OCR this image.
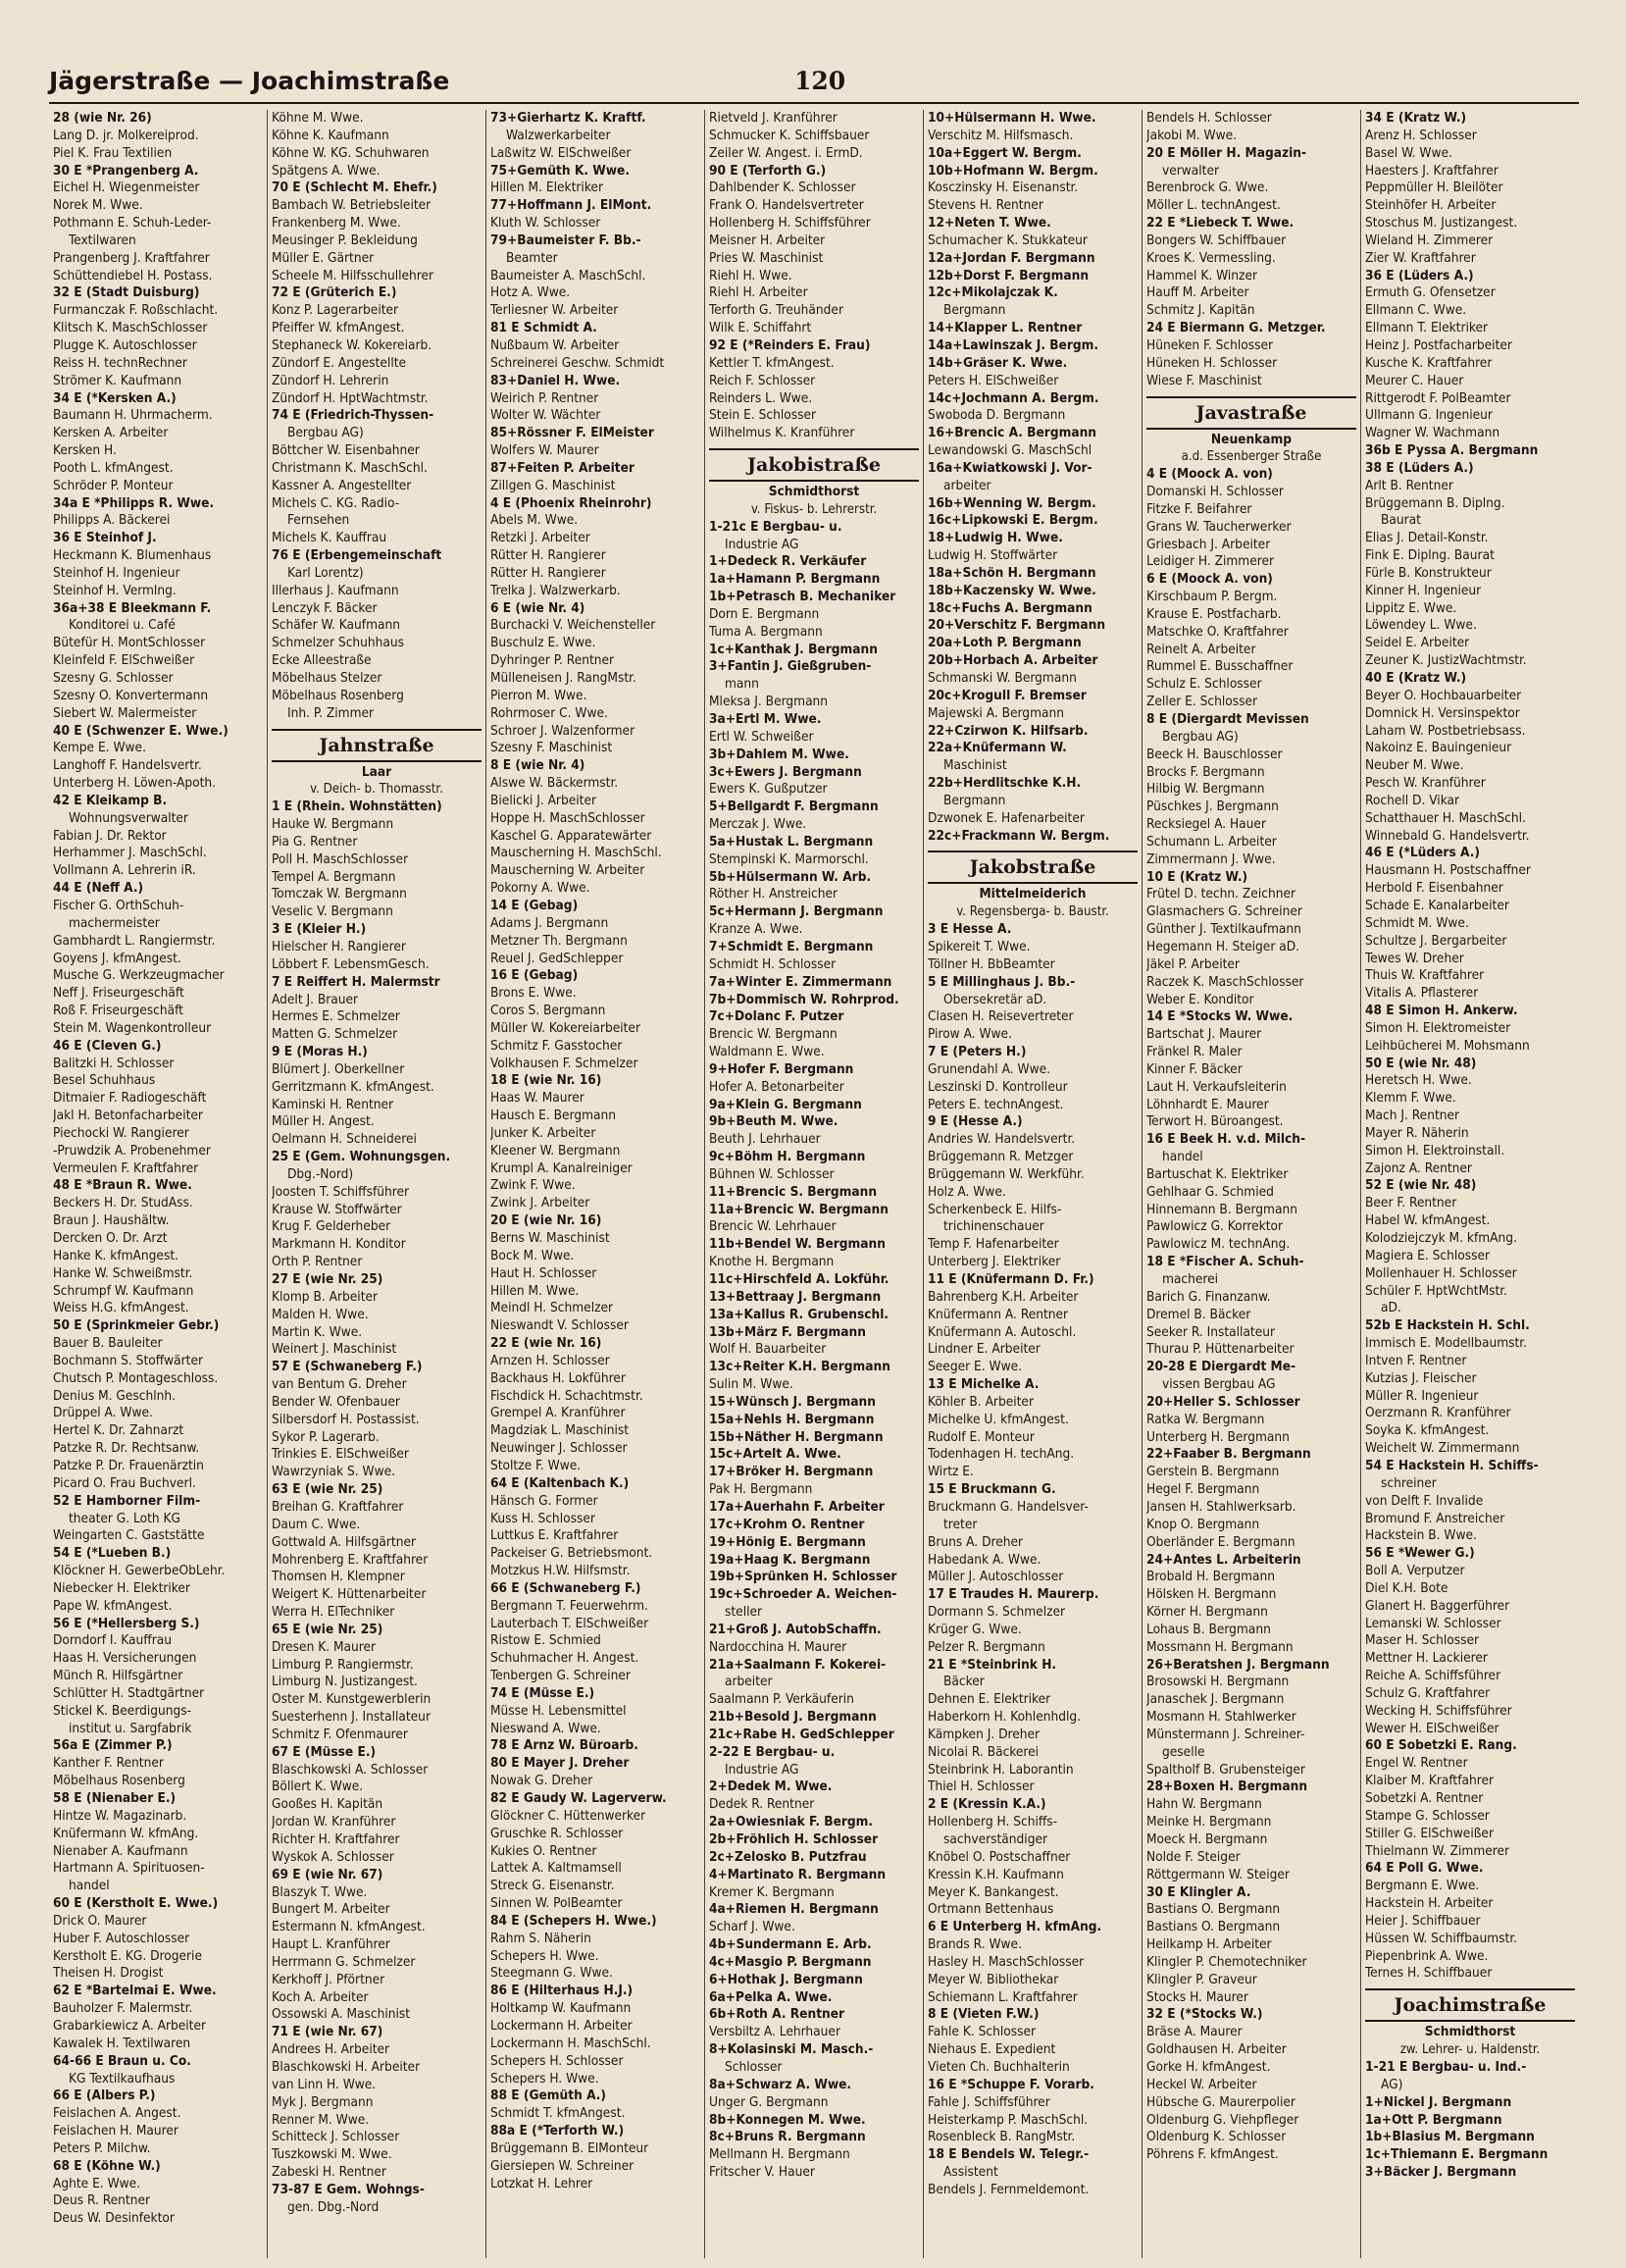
Jägerstraße — Joachimstraße	120
28 (wie Nr. 26)
Lang D. jr. Molkereiprod.
Piel K. Frau Textilien
30 E *Prangenberg A.
Eichel H. Wiegenmeister
Norek M. Wwe.
Pothmann E. Schuh-Leder-
Textilwaren
Prangenberg J. Kraftfahrer
Schüttendiebel H. Postass.
32 E (Stadt Duisburg)
Furmanczak F. Roßschlacht.
Klitsch K. MaschSchlosser
Plugge K. Autoschlosser
Reiss H. technRechner
Strömer K. Kaufmann
34 E (*Kersken A.)
Baumann H. Uhrmacherm.
Kersken A. Arbeiter
Kersken H.
Pooth L. kfmAngest.
Schröder P. Monteur
34a E *Philipps R. Wwe.
Philipps A. Bäckerei
36 E Steinhof J.
Heckmann K. Blumenhaus
Steinhof H. Ingenieur
Steinhof H. Vermlng.
36a+38 E Bleekmann F.
Konditorei u. Café
Bütefür H. MontSchlosser
Kleinfeld F. ElSchweißer
Szesny G. Schlosser
Szesny O. Konvertermann
Siebert W. Malermeister
40 E (Schwenzer E. Wwe.)
Kempe E. Wwe.
Langhoff F. Handelsvertr.
Unterberg H. Löwen-Apoth.
42 E Kleikamp B.
Wohnungsverwalter
Fabian J. Dr. Rektor
Herhammer J. MaschSchl.
Vollmann A. Lehrerin iR.
44 E (Neff A.)
Fischer G. OrthSchuh-
machermeister
Gambhardt L. Rangiermstr.
Goyens J. kfmAngest.
Musche G. Werkzeugmacher
Neff J. Friseurgeschäft
Roß F. Friseurgeschäft
Stein M. Wagenkontrolleur
46 E (Cleven G.)
Balitzki H. Schlosser
Besel Schuhhaus
Ditmaier F. Radiogeschäft
Jakl H. Betonfacharbeiter
Piechocki W. Rangierer
-Pruwdzik A. Probenehmer
Vermeulen F. Kraftfahrer
48 E *Braun R. Wwe.
Beckers H. Dr. StudAss.
Braun J. Haushältw.
Dercken O. Dr. Arzt
Hanke K. kfmAngest.
Hanke W. Schweißmstr.
Schrumpf W. Kaufmann
Weiss H.G. kfmAngest.
50 E (Sprinkmeier Gebr.)
Bauer B. Bauleiter
Bochmann S. Stoffwärter
Chutsch P. Montageschloss.
Denius M. Geschlnh.
Drüppel A. Wwe.
Hertel K. Dr. Zahnarzt
Patzke R. Dr. Rechtsanw.
Patzke P. Dr. Frauenärztin
Picard O. Frau Buchverl.
52 E Hamborner Film-
theater G. Loth KG
Weingarten C. Gaststätte
54 E (*Lueben B.)
Klöckner H. GewerbeObLehr.
Niebecker H. Elektriker
Pape W. kfmAngest.
56 E (*Hellersberg S.)
Dorndorf I. Kauffrau
Haas H. Versicherungen
Münch R. Hilfsgärtner
Schlütter H. Stadtgärtner
Stickel K. Beerdigungs-
institut u. Sargfabrik
56a E (Zimmer P.)
Kanther F. Rentner
Möbelhaus Rosenberg
58 E (Nienaber E.)
Hintze W. Magazinarb.
Knüfermann W. kfmAng.
Nienaber A. Kaufmann
Hartmann A. Spirituosen-
handel
60 E (Kerstholt E. Wwe.)
Drick O. Maurer
Huber F. Autoschlosser
Kerstholt E. KG. Drogerie
Theisen H. Drogist
62 E *Bartelmai E. Wwe.
Bauholzer F. Malermstr.
Grabarkiewicz A. Arbeiter
Kawalek H. Textilwaren
64-66 E Braun u. Co.
KG Textilkaufhaus
66 E (Albers P.)
Feislachen A. Angest.
Feislachen H. Maurer
Peters P. Milchw.
68 E (Köhne W.)
Aghte E. Wwe.
Deus R. Rentner
Deus W. Desinfektor
Köhne M. Wwe.
Köhne K. Kaufmann
Köhne W. KG. Schuhwaren
Spätgens A. Wwe.
70 E (Schlecht M. Ehefr.)
Bambach W. Betriebsleiter
Frankenberg M. Wwe.
Meusinger P. Bekleidung
Müller E. Gärtner
Scheele M. Hilfsschullehrer
72 E (Grüterich E.)
Konz P. Lagerarbeiter
Pfeiffer W. kfmAngest.
Stephaneck W. Kokereiarb.
Zündorf E. Angestellte
Zündorf H. Lehrerin
Zündorf H. HptWachtmstr.
74 E (Friedrich-Thyssen-
Bergbau AG)
Böttcher W. Eisenbahner
Christmann K. MaschSchl.
Kassner A. Angestellter
Michels C. KG. Radio-
Fernsehen
Michels K. Kauffrau
76 E (Erbengemeinschaft
Karl Lorentz)
Illerhaus J. Kaufmann
Lenczyk F. Bäcker
Schäfer W. Kaufmann
Schmelzer Schuhhaus
Ecke Alleestraße
Möbelhaus Stelzer
Möbelhaus Rosenberg
Inh. P. Zimmer
Jahnstraße
Laar
v. Deich- b. Thomasstr.
1 E (Rhein. Wohnstätten)
Hauke W. Bergmann
Pia G. Rentner
Poll H. MaschSchlosser
Tempel A. Bergmann
Tomczak W. Bergmann
Veselic V. Bergmann
3 E (Kleier H.)
Hielscher H. Rangierer
Löbbert F. LebensmGesch.
7 E Reiffert H. Malermstr
Adelt J. Brauer
Hermes E. Schmelzer
Matten G. Schmelzer
9 E (Moras H.)
Blümert J. Oberkellner
Gerritzmann K. kfmAngest.
Kaminski H. Rentner
Müller H. Angest.
Oelmann H. Schneiderei
25 E (Gem. Wohnungsgen.
Dbg.-Nord)
Joosten T. Schiffsführer
Krause W. Stoffwärter
Krug F. Gelderheber
Markmann H. Konditor
Orth P. Rentner
27 E (wie Nr. 25)
Klomp B. Arbeiter
Malden H. Wwe.
Martin K. Wwe.
Weinert J. Maschinist
57 E (Schwaneberg F.)
van Bentum G. Dreher
Bender W. Ofenbauer
Silbersdorf H. Postassist.
Sykor P. Lagerarb.
Trinkies E. ElSchweißer
Wawrzyniak S. Wwe.
63 E (wie Nr. 25)
Breihan G. Kraftfahrer
Daum C. Wwe.
Gottwald A. Hilfsgärtner
Mohrenberg E. Kraftfahrer
Thomsen H. Klempner
Weigert K. Hüttenarbeiter
Werra H. ElTechniker
65 E (wie Nr. 25)
Dresen K. Maurer
Limburg P. Rangiermstr.
Limburg N. Justizangest.
Oster M. Kunstgewerblerin
Suesterhenn J. Installateur
Schmitz F. Ofenmaurer
67 E (Müsse E.)
Blaschkowski A. Schlosser
Böllert K. Wwe.
Gooßes H. Kapitän
Jordan W. Kranführer
Richter H. Kraftfahrer
Wyskok A. Schlosser
69 E (wie Nr. 67)
Blaszyk T. Wwe.
Bungert M. Arbeiter
Estermann N. kfmAngest.
Haupt L. Kranführer
Herrmann G. Schmelzer
Kerkhoff J. Pförtner
Koch A. Arbeiter
Ossowski A. Maschinist
71 E (wie Nr. 67)
Andrees H. Arbeiter
Blaschkowski H. Arbeiter
van Linn H. Wwe.
Myk J. Bergmann
Renner M. Wwe.
Schitteck J. Schlosser
Tuszkowski M. Wwe.
Zabeski H. Rentner
73-87 E Gem. Wohngs-
gen. Dbg.-Nord
73+Gierhartz K. Kraftf.
Walzwerkarbeiter
Laßwitz W. ElSchweißer
75+Gemüth K. Wwe.
Hillen M. Elektriker
77+Hoffmann J. ElMont.
Kluth W. Schlosser
79+Baumeister F. Bb.-
Beamter
Baumeister A. MaschSchl.
Hotz A. Wwe.
Terliesner W. Arbeiter
81 E Schmidt A.
Nußbaum W. Arbeiter
Schreinerei Geschw. Schmidt
83+Daniel H. Wwe.
Weirich P. Rentner
Wolter W. Wächter
85+Rössner F. ElMeister
Wolfers W. Maurer
87+Feiten P. Arbeiter
Zillgen G. Maschinist
4 E (Phoenix Rheinrohr)
Abels M. Wwe.
Retzki J. Arbeiter
Rütter H. Rangierer
Rütter H. Rangierer
Trelka J. Walzwerkarb.
6 E (wie Nr. 4)
Burchacki V. Weichensteller
Buschulz E. Wwe.
Dyhringer P. Rentner
Mülleneisen J. RangMstr.
Pierron M. Wwe.
Rohrmoser C. Wwe.
Schroer J. Walzenformer
Szesny F. Maschinist
8 E (wie Nr. 4)
Alswe W. Bäckermstr.
Bielicki J. Arbeiter
Hoppe H. MaschSchlosser
Kaschel G. Apparatewärter
Mauscherning H. MaschSchl.
Mauscherning W. Arbeiter
Pokorny A. Wwe.
14 E (Gebag)
Adams J. Bergmann
Metzner Th. Bergmann
Reuel J. GedSchlepper
16 E (Gebag)
Brons E. Wwe.
Coros S. Bergmann
Müller W. Kokereiarbeiter
Schmitz F. Gasstocher
Volkhausen F. Schmelzer
18 E (wie Nr. 16)
Haas W. Maurer
Hausch E. Bergmann
Junker K. Arbeiter
Kleener W. Bergmann
Krumpl A. Kanalreiniger
Zwink F. Wwe.
Zwink J. Arbeiter
20 E (wie Nr. 16)
Berns W. Maschinist
Bock M. Wwe.
Haut H. Schlosser
Hillen M. Wwe.
Meindl H. Schmelzer
Nieswandt V. Schlosser
22 E (wie Nr. 16)
Arnzen H. Schlosser
Backhaus H. Lokführer
Fischdick H. Schachtmstr.
Grempel A. Kranführer
Magdziak L. Maschinist
Neuwinger J. Schlosser
Stoltze F. Wwe.
64 E (Kaltenbach K.)
Hänsch G. Former
Kuss H. Schlosser
Luttkus E. Kraftfahrer
Packeiser G. Betriebsmont.
Motzkus H.W. Hilfsmstr.
66 E (Schwaneberg F.)
Bergmann T. Feuerwehrm.
Lauterbach T. ElSchweißer
Ristow E. Schmied
Schuhmacher H. Angest.
Tenbergen G. Schreiner
74 E (Müsse E.)
Müsse H. Lebensmittel
Nieswand A. Wwe.
78 E Arnz W. Büroarb.
80 E Mayer J. Dreher
Nowak G. Dreher
82 E Gaudy W. Lagerverw.
Glöckner C. Hüttenwerker
Gruschke R. Schlosser
Kukies O. Rentner
Lattek A. Kaltmamsell
Streck G. Eisenanstr.
Sinnen W. PolBeamter
84 E (Schepers H. Wwe.)
Rahm S. Näherin
Schepers H. Wwe.
Steegmann G. Wwe.
86 E (Hilterhaus H.J.)
Holtkamp W. Kaufmann
Lockermann H. Arbeiter
Lockermann H. MaschSchl.
Schepers H. Schlosser
Schepers H. Wwe.
88 E (Gemüth A.)
Schmidt T. kfmAngest.
88a E (*Terforth W.)
Brüggemann B. ElMonteur
Giersiepen W. Schreiner
Lotzkat H. Lehrer
Rietveld J. Kranführer
Schmucker K. Schiffsbauer
Zeiler W. Angest. i. ErmD.
90 E (Terforth G.)
Dahlbender K. Schlosser
Frank O. Handelsvertreter
Hollenberg H. Schiffsführer
Meisner H. Arbeiter
Pries W. Maschinist
Riehl H. Wwe.
Riehl H. Arbeiter
Terforth G. Treuhänder
Wilk E. Schiffahrt
92 E (*Reinders E. Frau)
Kettler T. kfmAngest.
Reich F. Schlosser
Reinders L. Wwe.
Stein E. Schlosser
Wilhelmus K. Kranführer
Jakobistraße
Schmidthorst
v. Fiskus- b. Lehrerstr.
1-21c E Bergbau- u.
Industrie AG
1+Dedeck R. Verkäufer
1a+Hamann P. Bergmann
1b+Petrasch B. Mechaniker
Dorn E. Bergmann
Tuma A. Bergmann
1c+Kanthak J. Bergmann
3+Fantin J. Gießgruben-
mann
Mleksa J. Bergmann
3a+Ertl M. Wwe.
Ertl W. Schweißer
3b+Dahlem M. Wwe.
3c+Ewers J. Bergmann
Ewers K. Gußputzer
5+Bellgardt F. Bergmann
Merczak J. Wwe.
5a+Hustak L. Bergmann
Stempinski K. Marmorschl.
5b+Hülsermann W. Arb.
Röther H. Anstreicher
5c+Hermann J. Bergmann
Kranze A. Wwe.
7+Schmidt E. Bergmann
Schmidt H. Schlosser
7a+Winter E. Zimmermann
7b+Dommisch W. Rohrprod.
7c+Dolanc F. Putzer
Brencic W. Bergmann
Waldmann E. Wwe.
9+Hofer F. Bergmann
Hofer A. Betonarbeiter
9a+Klein G. Bergmann
9b+Beuth M. Wwe.
Beuth J. Lehrhauer
9c+Böhm H. Bergmann
Bühnen W. Schlosser
11+Brencic S. Bergmann
11a+Brencic W. Bergmann
Brencic W. Lehrhauer
11b+Bendel W. Bergmann
Knothe H. Bergmann
11c+Hirschfeld A. Lokführ.
13+Bettraay J. Bergmann
13a+Kallus R. Grubenschl.
13b+März F. Bergmann
Wolf H. Bauarbeiter
13c+Reiter K.H. Bergmann
Sulin M. Wwe.
15+Wünsch J. Bergmann
15a+Nehls H. Bergmann
15b+Näther H. Bergmann
15c+Artelt A. Wwe.
17+Bröker H. Bergmann
Pak H. Bergmann
17a+Auerhahn F. Arbeiter
17c+Krohm O. Rentner
19+Hönig E. Bergmann
19a+Haag K. Bergmann
19b+Sprünken H. Schlosser
19c+Schroeder A. Weichen-
steller
21+Groß J. AutobSchaffn.
Nardocchina H. Maurer
21a+Saalmann F. Kokerei-
arbeiter
Saalmann P. Verkäuferin
21b+Besold J. Bergmann
21c+Rabe H. GedSchlepper
2-22 E Bergbau- u.
Industrie AG
2+Dedek M. Wwe.
Dedek R. Rentner
2a+Owiesniak F. Bergm.
2b+Fröhlich H. Schlosser
2c+Zelosko B. Putzfrau
4+Martinato R. Bergmann
Kremer K. Bergmann
4a+Riemen H. Bergmann
Scharf J. Wwe.
4b+Sundermann E. Arb.
4c+Masgio P. Bergmann
6+Hothak J. Bergmann
6a+Pelka A. Wwe.
6b+Roth A. Rentner
Versbiltz A. Lehrhauer
8+Kolasinski M. Masch.-
Schlosser
8a+Schwarz A. Wwe.
Unger G. Bergmann
8b+Konnegen M. Wwe.
8c+Bruns R. Bergmann
Mellmann H. Bergmann
Fritscher V. Hauer
10+Hülsermann H. Wwe.
Verschitz M. Hilfsmasch.
10a+Eggert W. Bergm.
10b+Hofmann W. Bergm.
Kosczinsky H. Eisenanstr.
Stevens H. Rentner
12+Neten T. Wwe.
Schumacher K. Stukkateur
12a+Jordan F. Bergmann
12b+Dorst F. Bergmann
12c+Mikolajczak K.
Bergmann
14+Klapper L. Rentner
14a+Lawinszak J. Bergm.
14b+Gräser K. Wwe.
Peters H. ElSchweißer
14c+Jochmann A. Bergm.
Swoboda D. Bergmann
16+Brencic A. Bergmann
Lewandowski G. MaschSchl
16a+Kwiatkowski J. Vor-
arbeiter
16b+Wenning W. Bergm.
16c+Lipkowski E. Bergm.
18+Ludwig H. Wwe.
Ludwig H. Stoffwärter
18a+Schön H. Bergmann
18b+Kaczensky W. Wwe.
18c+Fuchs A. Bergmann
20+Verschitz F. Bergmann
20a+Loth P. Bergmann
20b+Horbach A. Arbeiter
Schmanski W. Bergmann
20c+Krogull F. Bremser
Majewski A. Bergmann
22+Czirwon K. Hilfsarb.
22a+Knüfermann W.
Maschinist
22b+Herdlitschke K.H.
Bergmann
Dzwonek E. Hafenarbeiter
22c+Frackmann W. Bergm.
Jakobstraße
Mittelmeiderich
v. Regensberga- b. Baustr.
3 E Hesse A.
Spikereit T. Wwe.
Töllner H. BbBeamter
5 E Millinghaus J. Bb.-
Obersekretär aD.
Clasen H. Reisevertreter
Pirow A. Wwe.
7 E (Peters H.)
Grunendahl A. Wwe.
Leszinski D. Kontrolleur
Peters E. technAngest.
9 E (Hesse A.)
Andries W. Handelsvertr.
Brüggemann R. Metzger
Brüggemann W. Werkführ.
Holz A. Wwe.
Scherkenbeck E. Hilfs-
trichinenschauer
Temp F. Hafenarbeiter
Unterberg J. Elektriker
11 E (Knüfermann D. Fr.)
Bahrenberg K.H. Arbeiter
Knüfermann A. Rentner
Knüfermann A. Autoschl.
Lindner E. Arbeiter
Seeger E. Wwe.
13 E Michelke A.
Köhler B. Arbeiter
Michelke U. kfmAngest.
Rudolf E. Monteur
Todenhagen H. techAng.
Wirtz E.
15 E Bruckmann G.
Bruckmann G. Handelsver-
treter
Bruns A. Dreher
Habedank A. Wwe.
Müller J. Autoschlosser
17 E Traudes H. Maurerp.
Dormann S. Schmelzer
Krüger G. Wwe.
Pelzer R. Bergmann
21 E *Steinbrink H.
Bäcker
Dehnen E. Elektriker
Haberkorn H. Kohlenhdlg.
Kämpken J. Dreher
Nicolai R. Bäckerei
Steinbrink H. Laborantin
Thiel H. Schlosser
2 E (Kressin K.A.)
Hollenberg H. Schiffs-
sachverständiger
Knöbel O. Postschaffner
Kressin K.H. Kaufmann
Meyer K. Bankangest.
Ortmann Bettenhaus
6 E Unterberg H. kfmAng.
Brands R. Wwe.
Hasley H. MaschSchlosser
Meyer W. Bibliothekar
Schiemann L. Kraftfahrer
8 E (Vieten F.W.)
Fahle K. Schlosser
Niehaus E. Expedient
Vieten Ch. Buchhalterin
16 E *Schuppe F. Vorarb.
Fahle J. Schiffsführer
Heisterkamp P. MaschSchl.
Rosenbleck B. RangMstr.
18 E Bendels W. Telegr.-
Assistent
Bendels J. Fernmeldemont.
Bendels H. Schlosser
Jakobi M. Wwe.
20 E Möller H. Magazin-
verwalter
Berenbrock G. Wwe.
Möller L. technAngest.
22 E *Liebeck T. Wwe.
Bongers W. Schiffbauer
Kroes K. Vermessling.
Hammel K. Winzer
Hauff M. Arbeiter
Schmitz J. Kapitän
24 E Biermann G. Metzger.
Hüneken F. Schlosser
Hüneken H. Schlosser
Wiese F. Maschinist
Javastraße
Neuenkamp
a.d. Essenberger Straße
4 E (Moock A. von)
Domanski H. Schlosser
Fitzke F. Beifahrer
Grans W. Taucherwerker
Griesbach J. Arbeiter
Leidiger H. Zimmerer
6 E (Moock A. von)
Kirschbaum P. Bergm.
Krause E. Postfacharb.
Matschke O. Kraftfahrer
Reinelt A. Arbeiter
Rummel E. Busschaffner
Schulz E. Schlosser
Zeller E. Schlosser
8 E (Diergardt Mevissen
Bergbau AG)
Beeck H. Bauschlosser
Brocks F. Bergmann
Hilbig W. Bergmann
Püschkes J. Bergmann
Recksiegel A. Hauer
Schumann L. Arbeiter
Zimmermann J. Wwe.
10 E (Kratz W.)
Frütel D. techn. Zeichner
Glasmachers G. Schreiner
Günther J. Textilkaufmann
Hegemann H. Steiger aD.
Jäkel P. Arbeiter
Raczek K. MaschSchlosser
Weber E. Konditor
14 E *Stocks W. Wwe.
Bartschat J. Maurer
Fränkel R. Maler
Kinner F. Bäcker
Laut H. Verkaufsleiterin
Löhnhardt E. Maurer
Terwort H. Büroangest.
16 E Beek H. v.d. Milch-
handel
Bartuschat K. Elektriker
Gehlhaar G. Schmied
Hinnemann B. Bergmann
Pawlowicz G. Korrektor
Pawlowicz M. technAng.
18 E *Fischer A. Schuh-
macherei
Barich G. Finanzanw.
Dremel B. Bäcker
Seeker R. Installateur
Thurau P. Hüttenarbeiter
20-28 E Diergardt Me-
vissen Bergbau AG
20+Heller S. Schlosser
Ratka W. Bergmann
Unterberg H. Bergmann
22+Faaber B. Bergmann
Gerstein B. Bergmann
Hegel F. Bergmann
Jansen H. Stahlwerksarb.
Knop O. Bergmann
Oberländer E. Bergmann
24+Antes L. Arbeiterin
Brobald H. Bergmann
Hölsken H. Bergmann
Körner H. Bergmann
Lohaus B. Bergmann
Mossmann H. Bergmann
26+Beratshen J. Bergmann
Brosowski H. Bergmann
Janaschek J. Bergmann
Mosmann H. Stahlwerker
Münstermann J. Schreiner-
geselle
Spaltholf B. Grubensteiger
28+Boxen H. Bergmann
Hahn W. Bergmann
Meinke H. Bergmann
Moeck H. Bergmann
Nolde F. Steiger
Röttgermann W. Steiger
30 E Klingler A.
Bastians O. Bergmann
Bastians O. Bergmann
Heilkamp H. Arbeiter
Klingler P. Chemotechniker
Klingler P. Graveur
Stocks H. Maurer
32 E (*Stocks W.)
Bräse A. Maurer
Goldhausen H. Arbeiter
Gorke H. kfmAngest.
Heckel W. Arbeiter
Hübsche G. Maurerpolier
Oldenburg G. Viehpfleger
Oldenburg K. Schlosser
Pöhrens F. kfmAngest.
34 E (Kratz W.)
Arenz H. Schlosser
Basel W. Wwe.
Haesters J. Kraftfahrer
Peppmüller H. Bleilöter
Steinhöfer H. Arbeiter
Stoschus M. Justizangest.
Wieland H. Zimmerer
Zier W. Kraftfahrer
36 E (Lüders A.)
Ermuth G. Ofensetzer
Ellmann C. Wwe.
Ellmann T. Elektriker
Heinz J. Postfacharbeiter
Kusche K. Kraftfahrer
Meurer C. Hauer
Rittgerodt F. PolBeamter
Ullmann G. Ingenieur
Wagner W. Wachmann
36b E Pyssa A. Bergmann
38 E (Lüders A.)
Arlt B. Rentner
Brüggemann B. Diplng.
Baurat
Elias J. Detail-Konstr.
Fink E. Diplng. Baurat
Fürle B. Konstrukteur
Kinner H. Ingenieur
Lippitz E. Wwe.
Löwendey L. Wwe.
Seidel E. Arbeiter
Zeuner K. JustizWachtmstr.
40 E (Kratz W.)
Beyer O. Hochbauarbeiter
Domnick H. Versinspektor
Laham W. Postbetriebsass.
Nakoinz E. Bauingenieur
Neuber M. Wwe.
Pesch W. Kranführer
Rochell D. Vikar
Schatthauer H. MaschSchl.
Winnebald G. Handelsvertr.
46 E (*Lüders A.)
Hausmann H. Postschaffner
Herbold F. Eisenbahner
Schade E. Kanalarbeiter
Schmidt M. Wwe.
Schultze J. Bergarbeiter
Tewes W. Dreher
Thuis W. Kraftfahrer
Vitalis A. Pflasterer
48 E Simon H. Ankerw.
Simon H. Elektromeister
Leihbücherei M. Mohsmann
50 E (wie Nr. 48)
Heretsch H. Wwe.
Klemm F. Wwe.
Mach J. Rentner
Mayer R. Näherin
Simon H. Elektroinstall.
Zajonz A. Rentner
52 E (wie Nr. 48)
Beer F. Rentner
Habel W. kfmAngest.
Kolodziejczyk M. kfmAng.
Magiera E. Schlosser
Mollenhauer H. Schlosser
Schüler F. HptWchtMstr.
aD.
52b E Hackstein H. Schl.
Immisch E. Modellbaumstr.
Intven F. Rentner
Kutzias J. Fleischer
Müller R. Ingenieur
Oerzmann R. Kranführer
Soyka K. kfmAngest.
Weichelt W. Zimmermann
54 E Hackstein H. Schiffs-
schreiner
von Delft F. Invalide
Bromund F. Anstreicher
Hackstein B. Wwe.
56 E *Wewer G.)
Boll A. Verputzer
Diel K.H. Bote
Glanert H. Baggerführer
Lemanski W. Schlosser
Maser H. Schlosser
Mettner H. Lackierer
Reiche A. Schiffsführer
Schulz G. Kraftfahrer
Wecking H. Schiffsführer
Wewer H. ElSchweißer
60 E Sobetzki E. Rang.
Engel W. Rentner
Klaiber M. Kraftfahrer
Sobetzki A. Rentner
Stampe G. Schlosser
Stiller G. ElSchweißer
Thielmann W. Zimmerer
64 E Poll G. Wwe.
Bergmann E. Wwe.
Hackstein H. Arbeiter
Heier J. Schiffbauer
Hüssen W. Schiffbaumstr.
Piepenbrink A. Wwe.
Ternes H. Schiffbauer
Joachimstraße
Schmidthorst
zw. Lehrer- u. Haldenstr.
1-21 E Bergbau- u. Ind.-
AG)
1+Nickel J. Bergmann
1a+Ott P. Bergmann
1b+Blasius M. Bergmann
1c+Thiemann E. Bergmann
3+Bäcker J. Bergmann
